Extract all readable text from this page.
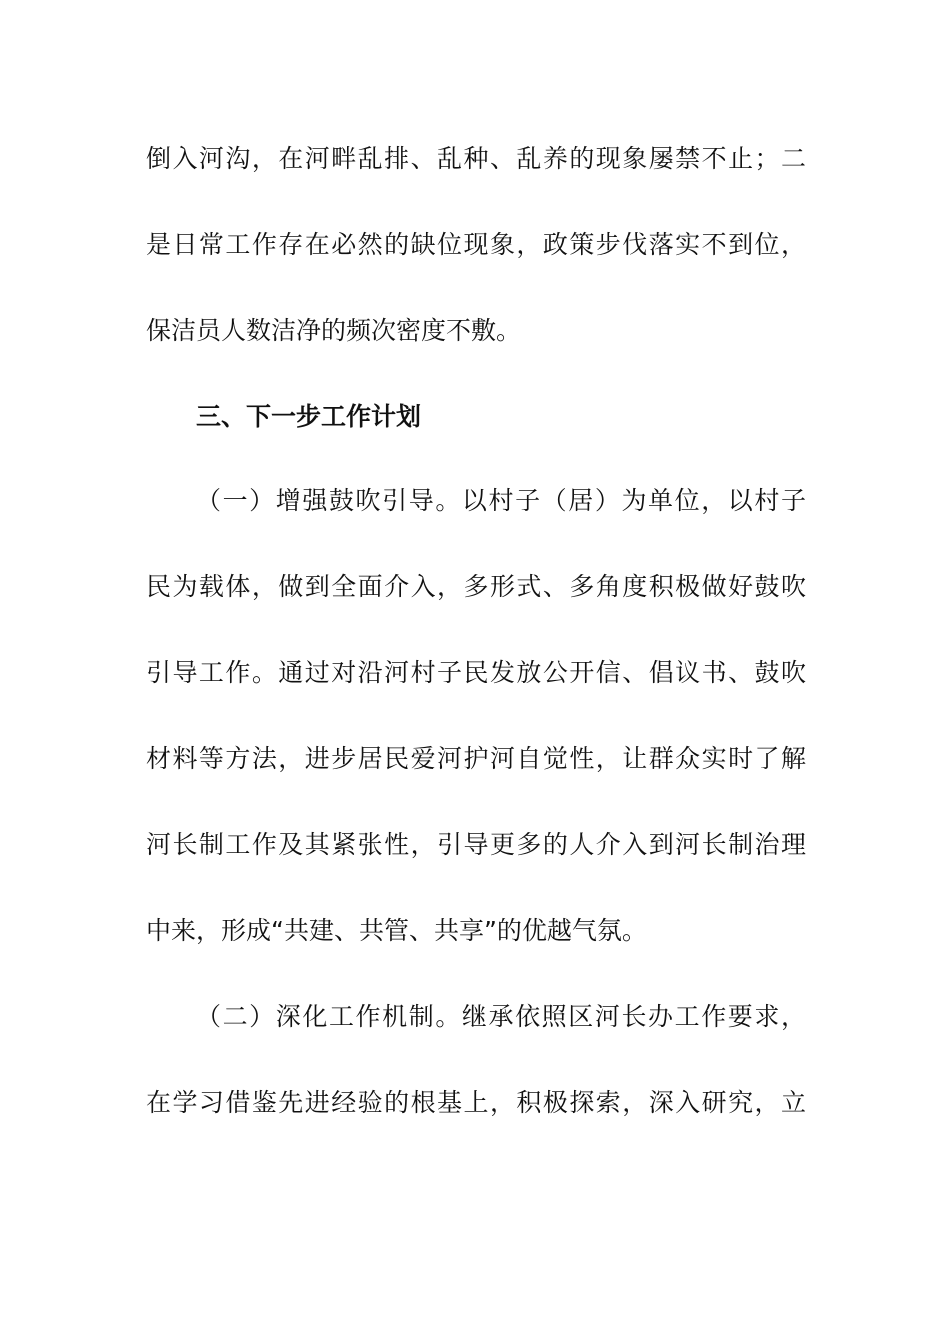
倒入河沟，在河畔乱排、乱种、乱养的现象屡禁不止；二
是日常工作存在必然的缺位现象，政策步伐落实不到位，
保洁员人数洁净的频次密度不敷。
三、下一步工作计划
（一）增强鼓吹引导。以村子（居）为单位，以村子
民为载体，做到全面介入，多形式、多角度积极做好鼓吹
引导工作。通过对沿河村子民发放公开信、倡议书、鼓吹
材料等方法，进步居民爱河护河自觉性，让群众实时了解
河长制工作及其紧张性，引导更多的人介入到河长制治理
中来，形成“共建、共管、共享”的优越气氛。
（二）深化工作机制。继承依照区河长办工作要求，
在学习借鉴先进经验的根基上，积极探索，深入研究，立
